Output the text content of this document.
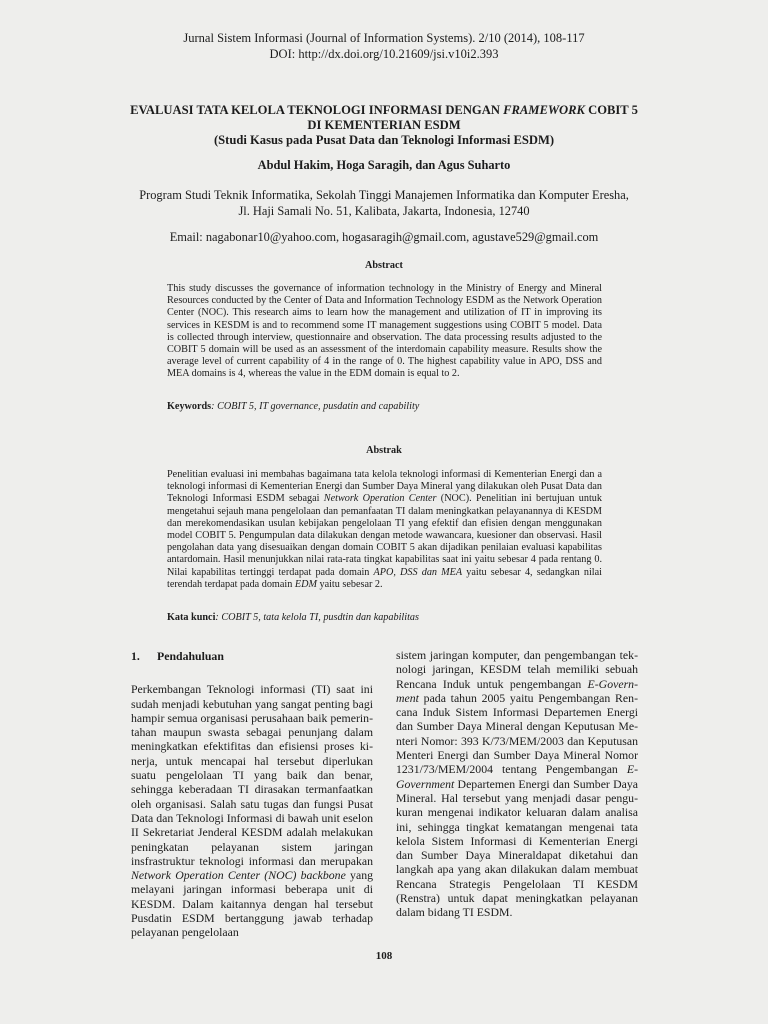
Jurnal Sistem Informasi (Journal of Information Systems). 2/10 (2014), 108-117
DOI: http://dx.doi.org/10.21609/jsi.v10i2.393
EVALUASI TATA KELOLA TEKNOLOGI INFORMASI DENGAN FRAMEWORK COBIT 5
DI KEMENTERIAN ESDM
(Studi Kasus pada Pusat Data dan Teknologi Informasi ESDM)
Abdul Hakim, Hoga Saragih, dan Agus Suharto
Program Studi Teknik Informatika, Sekolah Tinggi Manajemen Informatika dan Komputer Eresha, Jl. Haji Samali No. 51, Kalibata, Jakarta, Indonesia, 12740
Email: nagabonar10@yahoo.com, hogasaragih@gmail.com, agustave529@gmail.com
Abstract
This study discusses the governance of information technology in the Ministry of Energy and Mineral Resources conducted by the Center of Data and Information Technology ESDM as the Network Operation Center (NOC). This research aims to learn how the management and utilization of IT in improving its services in KESDM is and to recommend some IT management suggestions using COBIT 5 model. Data is collected through interview, questionnaire and observation. The data processing results adjusted to the COBIT 5 domain will be used as an assessment of the interdomain capability measure. Results show the average level of current capability of 4 in the range of 0. The highest capability value in APO, DSS and MEA domains is 4, whereas the value in the EDM domain is equal to 2.
Keywords: COBIT 5, IT governance, pusdatin and capability
Abstrak
Penelitian evaluasi ini membahas bagaimana tata kelola teknologi informasi di Kementerian Energi dan a teknologi informasi di Kementerian Energi dan Sumber Daya Mineral yang dilakukan oleh Pusat Data dan Teknologi Informasi ESDM sebagai Network Operation Center (NOC). Penelitian ini bertujuan untuk mengetahui sejauh mana pengelolaan dan pemanfaatan TI dalam meningkatkan pelayanannya di KESDM dan merekomendasikan usulan kebijakan pengelolaan TI yang efektif dan efisien dengan menggunakan model COBIT 5. Pengumpulan data dilakukan dengan metode wawancara, kuesioner dan observasi. Hasil pengolahan data yang disesuaikan dengan domain COBIT 5 akan dijadikan penilaian evaluasi kapabilitas antardomain. Hasil menunjukkan nilai rata-rata tingkat kapabilitas saat ini yaitu sebesar 4 pada rentang 0. Nilai kapabilitas tertinggi terdapat pada domain APO, DSS dan MEA yaitu sebesar 4, sedangkan nilai terendah terdapat pada domain EDM yaitu sebesar 2.
Kata kunci: COBIT 5, tata kelola TI, pusdtin dan kapabilitas
1. Pendahuluan
Perkembangan Teknologi informasi (TI) saat ini sudah menjadi kebutuhan yang sangat penting bagi hampir semua organisasi perusahaan baik pemerintahan maupun swasta sebagai penunjang dalam meningkatkan efektifitas dan efisiensi proses kinerja, untuk mencapai hal tersebut diperlukan suatu pengelolaan TI yang baik dan benar, sehingga keberadaan TI dirasakan termanfaatkan oleh organisasi. Salah satu tugas dan fungsi Pusat Data dan Teknologi Informasi di bawah unit eselon II Sekretariat Jenderal KESDM adalah melakukan peningkatan pelayanan sistem jaringan insfrastruktur teknologi informasi dan merupakan Network Operation Center (NOC) backbone yang melayani jaringan informasi beberapa unit di KESDM. Dalam kaitannya dengan hal tersebut Pusdatin ESDM bertanggung jawab terhadap pelayanan pengelolaan
sistem jaringan komputer, dan pengembangan teknologi jaringan, KESDM telah memiliki sebuah Rencana Induk untuk pengembangan E-Government pada tahun 2005 yaitu Pengembangan Rencana Induk Sistem Informasi Departemen Energi dan Sumber Daya Mineral dengan Keputusan Menteri Nomor: 393 K/73/MEM/2003 dan Keputusan Menteri Energi dan Sumber Daya Mineral Nomor 1231/73/MEM/2004 tentang Pengembangan E-Government Departemen Energi dan Sumber Daya Mineral. Hal tersebut yang menjadi dasar pengukuran mengenai indikator keluaran dalam analisa ini, sehingga tingkat kematangan mengenai tata kelola Sistem Informasi di Kementerian Energi dan Sumber Daya Mineraldapat diketahui dan langkah apa yang akan dilakukan dalam membuat Rencana Strategis Pengelolaan TI KESDM (Renstra) untuk dapat meningkatkan pelayanan dalam bidang TI ESDM.
108
